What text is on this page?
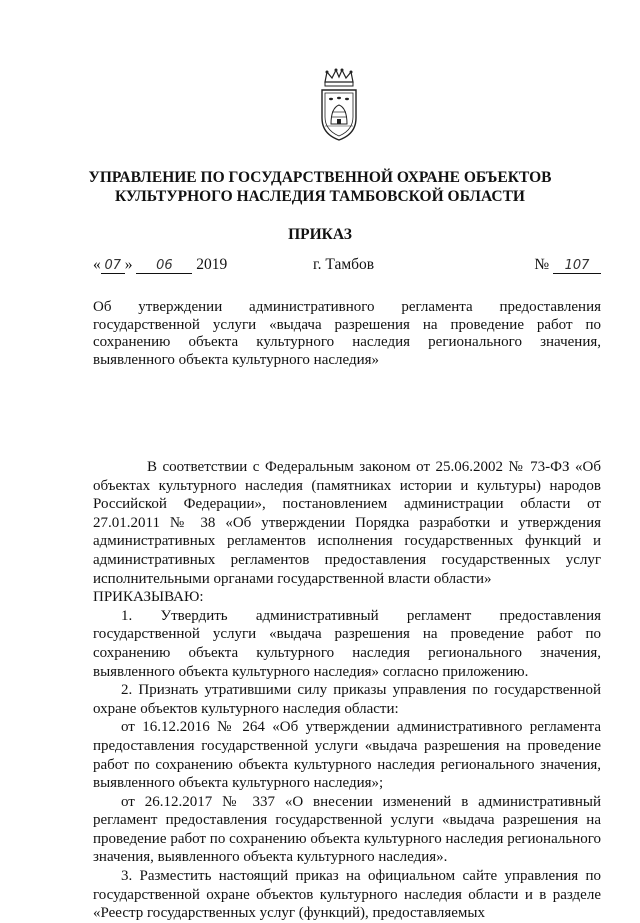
УПРАВЛЕНИЕ ПО ГОСУДАРСТВЕННОЙ ОХРАНЕ ОБЪЕКТОВ
КУЛЬТУРНОГО НАСЛЕДИЯ ТАМБОВСКОЙ ОБЛАСТИ
ПРИКАЗ
« 07 » 06 2019	г. Тамбов	№ 107
Об утверждении административного регламента предоставления государственной услуги «выдача разрешения на проведение работ по сохранению объекта культурного наследия регионального значения, выявленного объекта культурного наследия»

В соответствии с Федеральным законом от 25.06.2002 № 73-ФЗ «Об объектах культурного наследия (памятниках истории и культуры) народов Российской Федерации», постановлением администрации области от 27.01.2011 № 38 «Об утверждении Порядка разработки и утверждения административных регламентов исполнения государственных функций и административных регламентов предоставления государственных услуг исполнительными органами государственной власти области»

ПРИКАЗЫВАЮ:

1. Утвердить административный регламент предоставления государственной услуги «выдача разрешения на проведение работ по сохранению объекта культурного наследия регионального значения, выявленного объекта культурного наследия» согласно приложению.

2. Признать утратившими силу приказы управления по государственной охране объектов культурного наследия области:

от 16.12.2016 № 264 «Об утверждении административного регламента предоставления государственной услуги «выдача разрешения на проведение работ по сохранению объекта культурного наследия регионального значения, выявленного объекта культурного наследия»;

от 26.12.2017 № 337 «О внесении изменений в административный регламент предоставления государственной услуги «выдача разрешения на проведение работ по сохранению объекта культурного наследия регионального значения, выявленного объекта культурного наследия».

3. Разместить настоящий приказ на официальном сайте управления по государственной охране объектов культурного наследия области и в разделе «Реестр государственных услуг (функций), предоставляемых
